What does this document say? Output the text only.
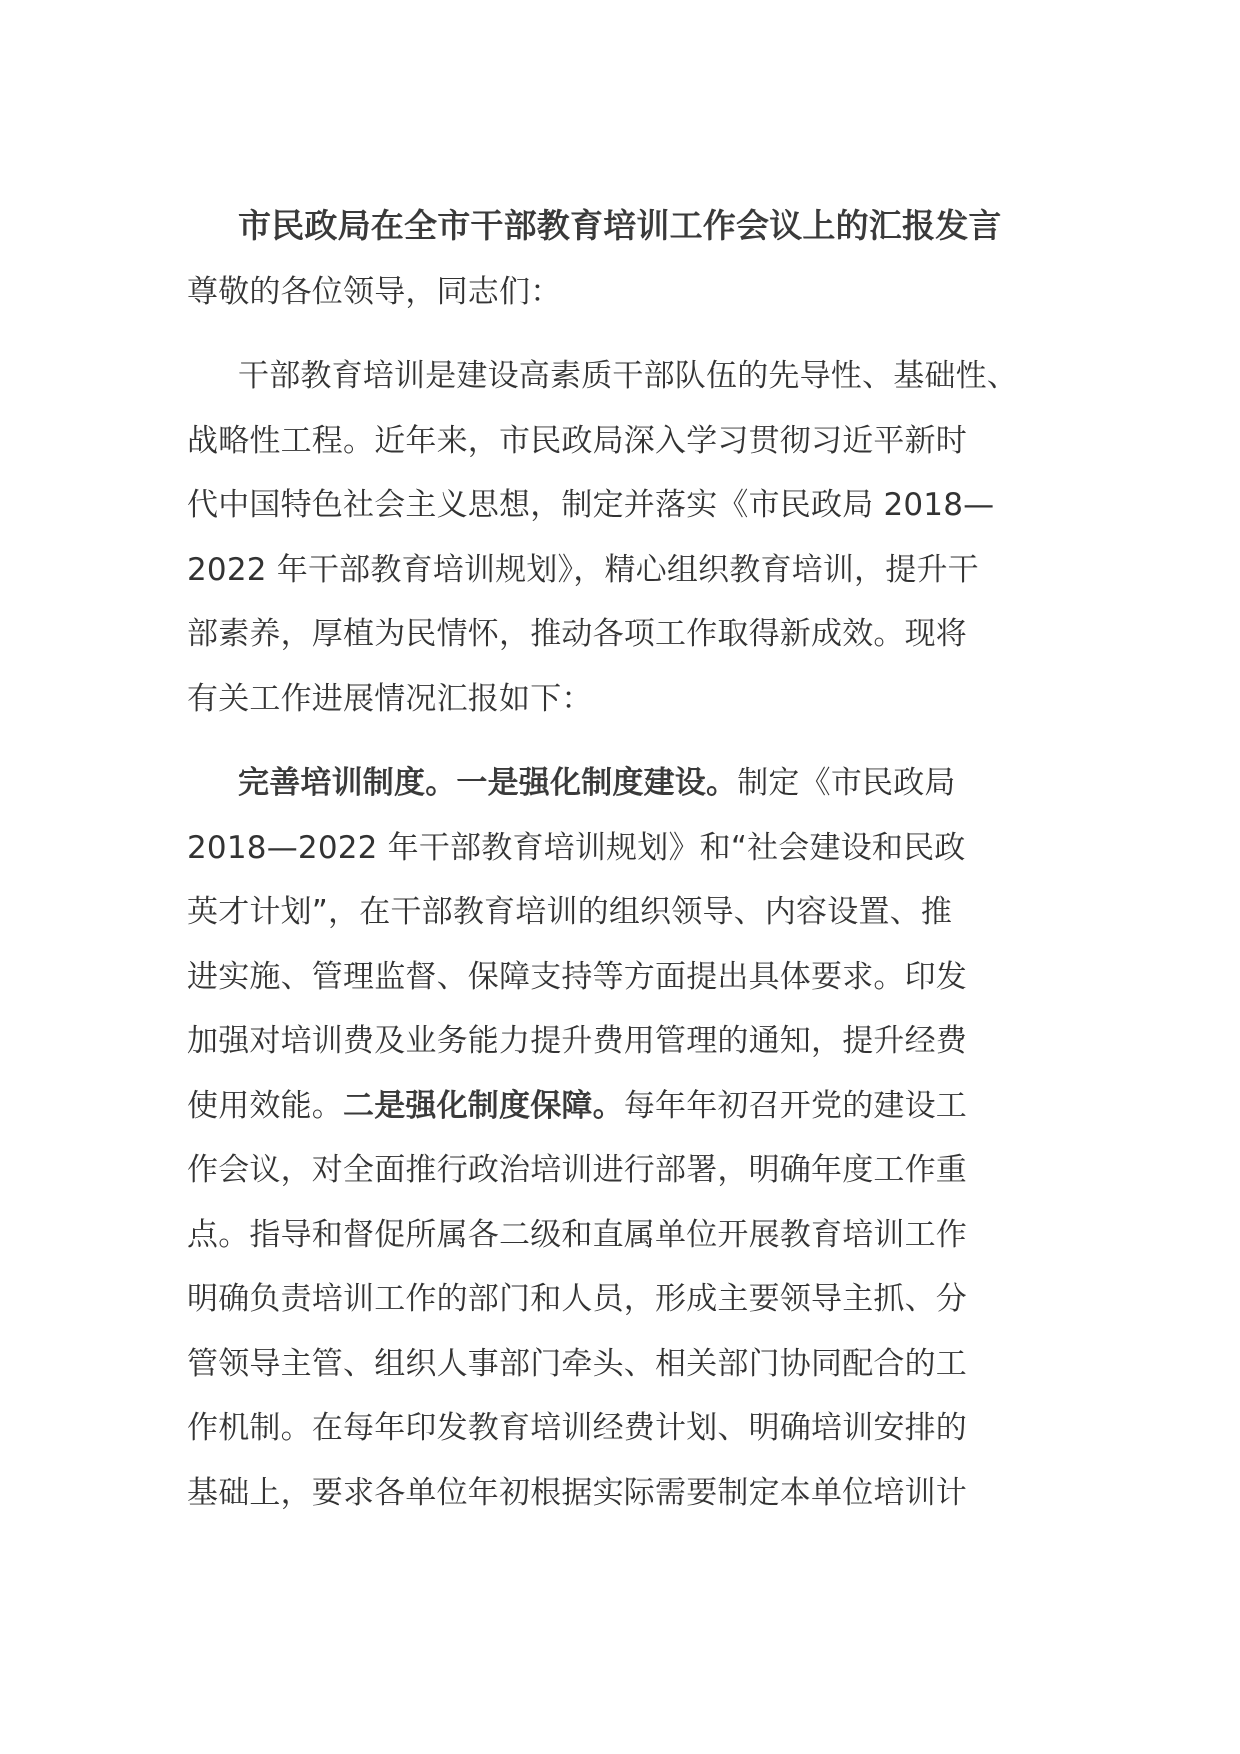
市民政局在全市干部教育培训工作会议上的汇报发言
尊敬的各位领导，同志们：
干部教育培训是建设高素质干部队伍的先导性、基础性、
战略性工程。近年来，市民政局深入学习贯彻习近平新时
代中国特色社会主义思想，制定并落实《市民政局 2018—
2022 年干部教育培训规划》，精心组织教育培训，提升干
部素养，厚植为民情怀，推动各项工作取得新成效。现将
有关工作进展情况汇报如下：
完善培训制度。一是强化制度建设。制定《市民政局
2018—2022 年干部教育培训规划》和“社会建设和民政
英才计划”，在干部教育培训的组织领导、内容设置、推
进实施、管理监督、保障支持等方面提出具体要求。印发
加强对培训费及业务能力提升费用管理的通知，提升经费
使用效能。二是强化制度保障。每年年初召开党的建设工
作会议，对全面推行政治培训进行部署，明确年度工作重
点。指导和督促所属各二级和直属单位开展教育培训工作
明确负责培训工作的部门和人员，形成主要领导主抓、分
管领导主管、组织人事部门牵头、相关部门协同配合的工
作机制。在每年印发教育培训经费计划、明确培训安排的
基础上，要求各单位年初根据实际需要制定本单位培训计
